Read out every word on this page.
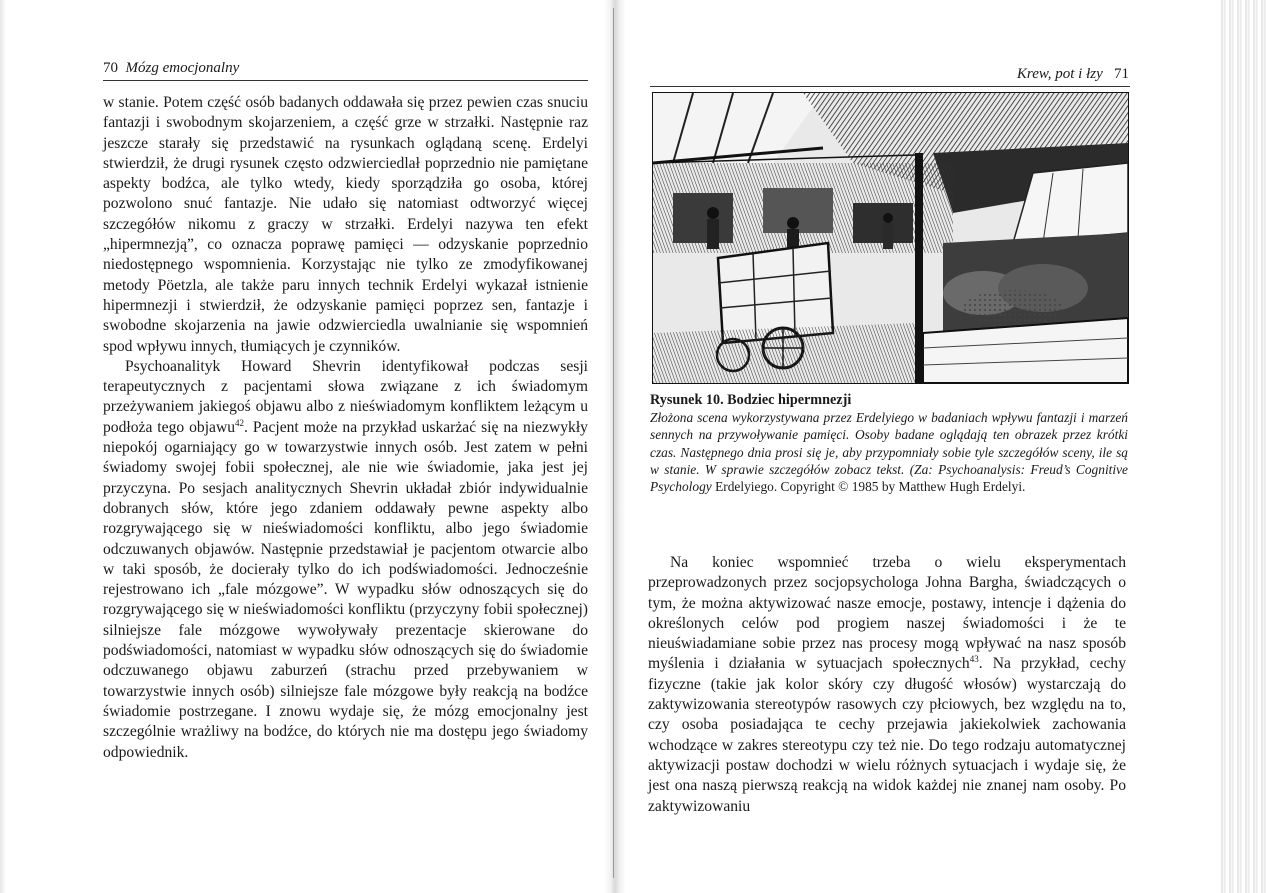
70 Mózg emocjonalny

w stanie. Potem część osób badanych oddawała się przez pewien czas snuciu fantazji i swobodnym skojarzeniem, a część grze w strzałki. Następnie raz jeszcze starały się przedstawić na rysunkach oglądaną scenę. Erdelyi stwierdził, że drugi rysunek często odzwierciedlał poprzednio nie pamiętane aspekty bodźca, ale tylko wtedy, kiedy sporządziła go osoba, której pozwolono snuć fantazje. Nie udało się natomiast odtworzyć więcej szczegółów nikomu z graczy w strzałki. Erdelyi nazywa ten efekt „hipermnezją”, co oznacza poprawę pamięci — odzyskanie poprzednio niedostępnego wspomnienia. Korzystając nie tylko ze zmodyfikowanej metody Pöetzla, ale także paru innych technik Erdelyi wykazał istnienie hipermnezji i stwierdził, że odzyskanie pamięci poprzez sen, fantazje i swobodne skojarzenia na jawie odzwierciedla uwalnianie się wspomnień spod wpływu innych, tłumiących je czynników.

Psychoanalityk Howard Shevrin identyfikował podczas sesji terapeutycznych z pacjentami słowa związane z ich świadomym przeżywaniem jakiegoś objawu albo z nieświadomym konfliktem leżącym u podłoża tego objawu$^{42}$. Pacjent może na przykład uskarżać się na niezwykły niepokój ogarniający go w towarzystwie innych osób. Jest zatem w pełni świadomy swojej fobii społecznej, ale nie wie świadomie, jaka jest jej przyczyna. Po sesjach analitycznych Shevrin układał zbiór indywidualnie dobranych słów, które jego zdaniem oddawały pewne aspekty albo rozgrywającego się w nieświadomości konfliktu, albo jego świadomie odczuwanych objawów. Następnie przedstawiał je pacjentom otwarcie albo w taki sposób, że docierały tylko do ich podświadomości. Jednocześnie rejestrowano ich „fale mózgowe”. W wypadku słów odnoszących się do rozgrywającego się w nieświadomości konfliktu (przyczyny fobii społecznej) silniejsze fale mózgowe wywoływały prezentacje skierowane do podświadomości, natomiast w wypadku słów odnoszących się do świadomie odczuwanego objawu zaburzeń (strachu przed przebywaniem w towarzystwie innych osób) silniejsze fale mózgowe były reakcją na bodźce świadomie postrzegane. I znowu wydaje się, że mózg emocjonalny jest szczególnie wrażliwy na bodźce, do których nie ma dostępu jego świadomy odpowiednik.

Krew, pot i łzy 71
Rysunek 10. Bodziec hipermnezji
Złożona scena wykorzystywana przez Erdelyiego w badaniach wpływu fantazji i marzeń sennych na przywoływanie pamięci. Osoby badane oglądają ten obrazek przez krótki czas. Następnego dnia prosi się je, aby przypomniały sobie tyle szczegółów sceny, ile są w stanie. W sprawie szczegółów zobacz tekst. (Za: Psychoanalysis: Freud’s Cognitive Psychology Erdelyiego. Copyright © 1985 by Matthew Hugh Erdelyi.

Na koniec wspomnieć trzeba o wielu eksperymentach przeprowadzonych przez socjopsychologa Johna Bargha, świadczących o tym, że można aktywizować nasze emocje, postawy, intencje i dążenia do określonych celów pod progiem naszej świadomości i że te nieuświadamiane sobie przez nas procesy mogą wpływać na nasz sposób myślenia i działania w sytuacjach społecznych$^{43}$. Na przykład, cechy fizyczne (takie jak kolor skóry czy długość włosów) wystarczają do zaktywizowania stereotypów rasowych czy płciowych, bez względu na to, czy osoba posiadająca te cechy przejawia jakiekolwiek zachowania wchodzące w zakres stereotypu czy też nie. Do tego rodzaju automatycznej aktywizacji postaw dochodzi w wielu różnych sytuacjach i wydaje się, że jest ona naszą pierwszą reakcją na widok każdej nie znanej nam osoby. Po zaktywizowaniu
